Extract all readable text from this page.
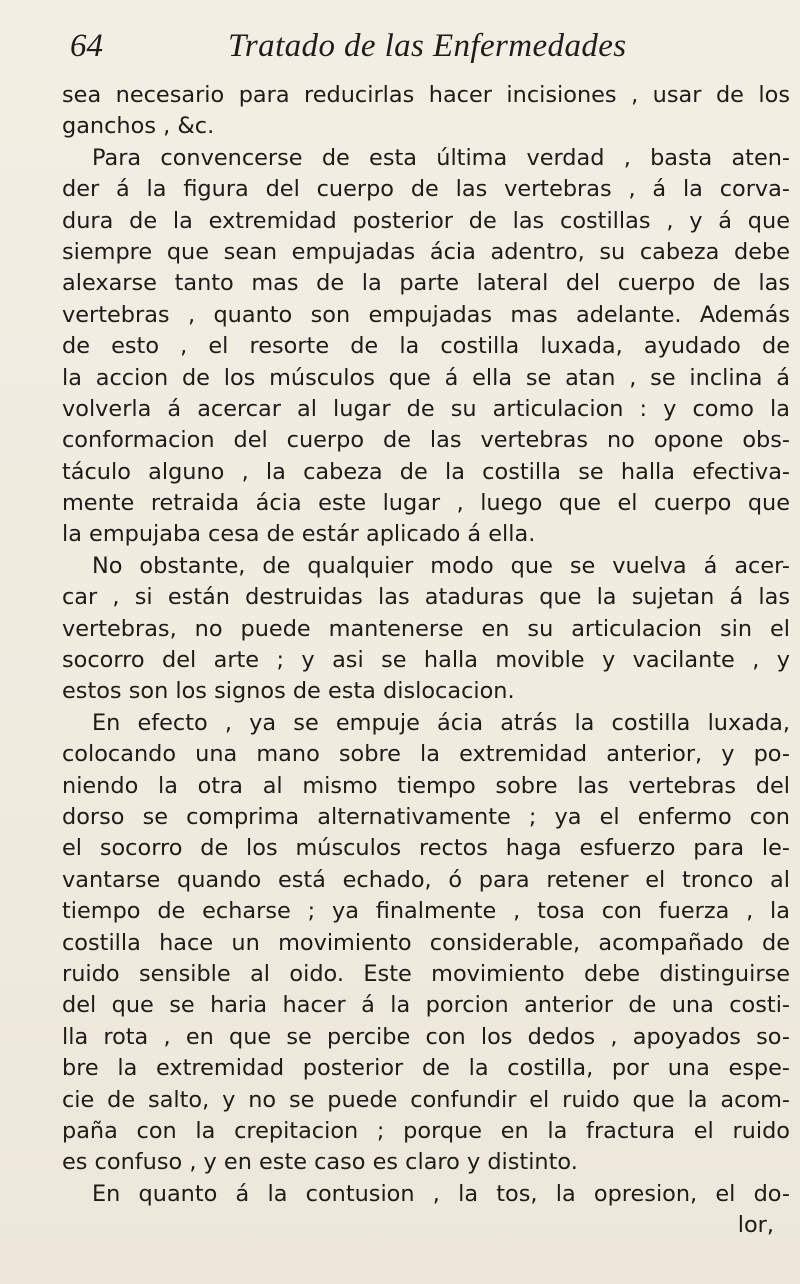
64	Tratado de las Enfermedades
sea necesario para reducirlas hacer incisiones , usar de los
ganchos , &c.
Para convencerse de esta última verdad , basta aten-
der á la figura del cuerpo de las vertebras , á la corva-
dura de la extremidad posterior de las costillas , y á que
siempre que sean empujadas ácia adentro, su cabeza debe
alexarse tanto mas de la parte lateral del cuerpo de las
vertebras , quanto son empujadas mas adelante. Además
de esto , el resorte de la costilla luxada, ayudado de
la accion de los músculos que á ella se atan , se inclina á
volverla á acercar al lugar de su articulacion : y como la
conformacion del cuerpo de las vertebras no opone obs-
táculo alguno , la cabeza de la costilla se halla efectiva-
mente retraida ácia este lugar , luego que el cuerpo que
la empujaba cesa de estár aplicado á ella.
No obstante, de qualquier modo que se vuelva á acer-
car , si están destruidas las ataduras que la sujetan á las
vertebras, no puede mantenerse en su articulacion sin el
socorro del arte ; y asi se halla movible y vacilante , y
estos son los signos de esta dislocacion.
En efecto , ya se empuje ácia atrás la costilla luxada,
colocando una mano sobre la extremidad anterior, y po-
niendo la otra al mismo tiempo sobre las vertebras del
dorso se comprima alternativamente ; ya el enfermo con
el socorro de los músculos rectos haga esfuerzo para le-
vantarse quando está echado, ó para retener el tronco al
tiempo de echarse ; ya finalmente , tosa con fuerza , la
costilla hace un movimiento considerable, acompañado de
ruido sensible al oido. Este movimiento debe distinguirse
del que se haria hacer á la porcion anterior de una costi-
lla rota , en que se percibe con los dedos , apoyados so-
bre la extremidad posterior de la costilla, por una espe-
cie de salto, y no se puede confundir el ruido que la acom-
paña con la crepitacion ; porque en la fractura el ruido
es confuso , y en este caso es claro y distinto.
En quanto á la contusion , la tos, la opresion, el do-
lor,
